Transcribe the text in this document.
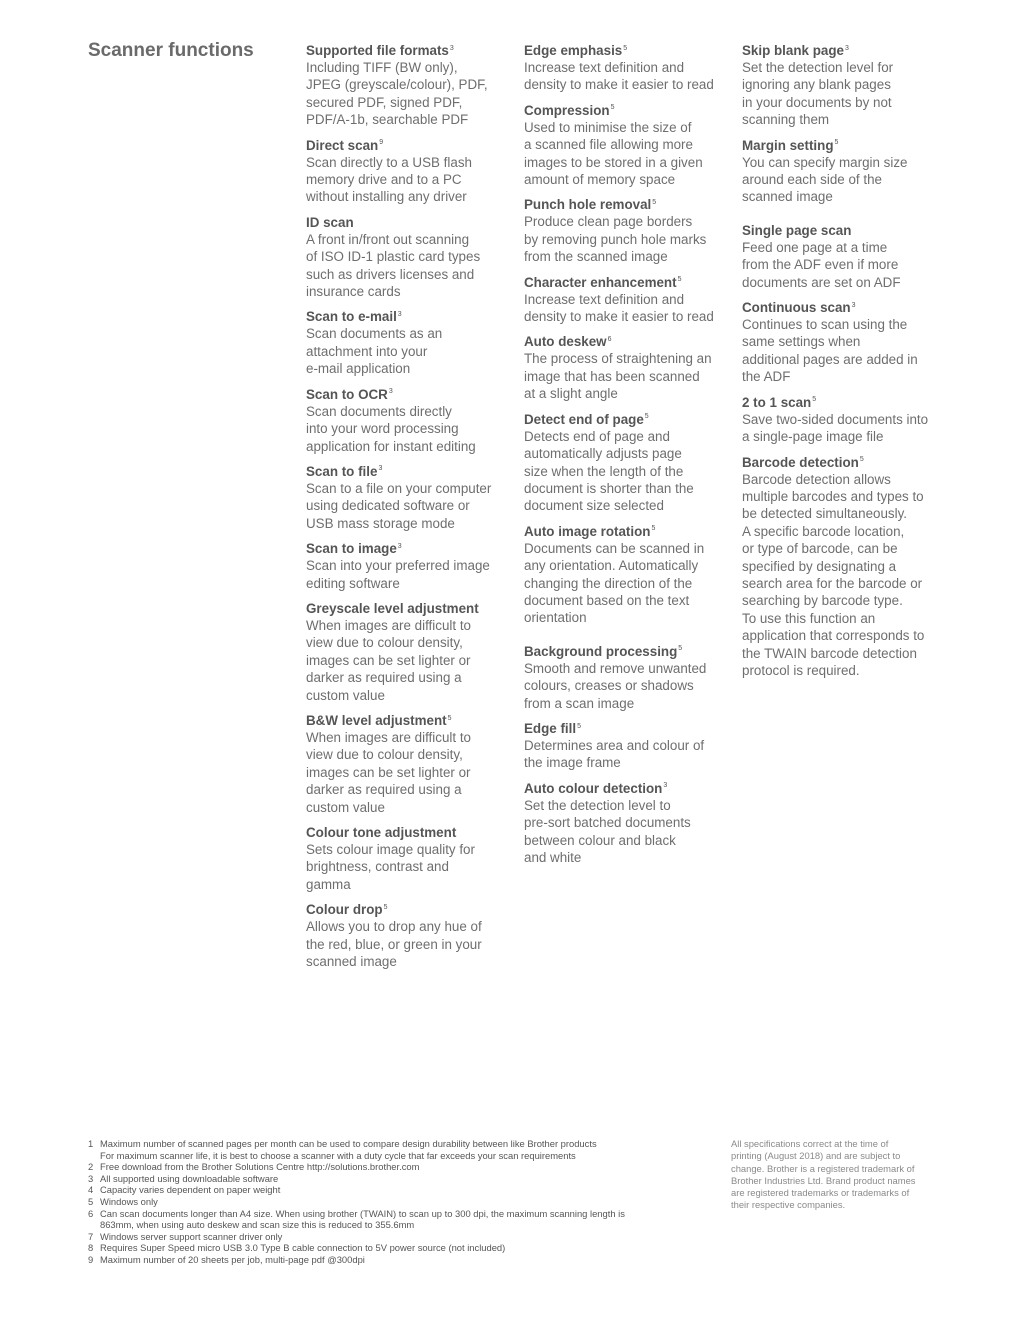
Scanner functions	Supported file formats$^3$

Including TIFF (BW only),
JPEG (greyscale/colour), PDF,
secured PDF, signed PDF,
PDF/A-1b, searchable PDF

Direct scan$^9$

Scan directly to a USB flash
memory drive and to a PC
without installing any driver

ID scan

A front in/front out scanning
of ISO ID-1 plastic card types
such as drivers licenses and
insurance cards

Scan to e-mail$^3$

Scan documents as an
attachment into your
e-mail application

Scan to OCR$^3$

Scan documents directly
into your word processing
application for instant editing

Scan to file$^3$

Scan to a file on your computer
using dedicated software or
USB mass storage mode

Scan to image$^3$

Scan into your preferred image
editing software

Greyscale level adjustment

When images are difficult to
view due to colour density,
images can be set lighter or
darker as required using a
custom value

B&W level adjustment$^5$

When images are difficult to
view due to colour density,
images can be set lighter or
darker as required using a
custom value

Colour tone adjustment

Sets colour image quality for
brightness, contrast and
gamma

Colour drop$^5$

Allows you to drop any hue of
the red, blue, or green in your
scanned image

Edge emphasis$^5$

Increase text definition and
density to make it easier to read

Compression$^5$

Used to minimise the size of
a scanned file allowing more
images to be stored in a given
amount of memory space

Punch hole removal$^5$

Produce clean page borders
by removing punch hole marks
from the scanned image

Character enhancement$^5$

Increase text definition and
density to make it easier to read

Auto deskew$^6$

The process of straightening an
image that has been scanned
at a slight angle

Detect end of page$^5$

Detects end of page and
automatically adjusts page
size when the length of the
document is shorter than the
document size selected

Auto image rotation$^5$

Documents can be scanned in
any orientation. Automatically
changing the direction of the
document based on the text
orientation

Background processing$^5$

Smooth and remove unwanted
colours, creases or shadows
from a scan image

Edge fill$^5$

Determines area and colour of
the image frame

Auto colour detection$^3$

Set the detection level to
pre-sort batched documents
between colour and black
and white

Skip blank page$^3$

Set the detection level for
ignoring any blank pages
in your documents by not
scanning them

Margin setting$^5$

You can specify margin size
around each side of the
scanned image

Single page scan

Feed one page at a time
from the ADF even if more
documents are set on ADF

Continuous scan$^3$

Continues to scan using the
same settings when
additional pages are added in
the ADF

2 to 1 scan$^5$

Save two-sided documents into
a single-page image file

Barcode detection$^5$

Barcode detection allows
multiple barcodes and types to
be detected simultaneously.
A specific barcode location,
or type of barcode, can be
specified by designating a
search area for the barcode or
searching by barcode type.
To use this function an
application that corresponds to
the TWAIN barcode detection
protocol is required.

1 Maximum number of scanned pages per month can be used to compare design durability between like Brother products
For maximum scanner life, it is best to choose a scanner with a duty cycle that far exceeds your scan requirements
2 Free download from the Brother Solutions Centre http://solutions.brother.com
3 All supported using downloadable software
4 Capacity varies dependent on paper weight
5 Windows only
6 Can scan documents longer than A4 size. When using brother (TWAIN) to scan up to 300 dpi, the maximum scanning length is
863mm, when using auto deskew and scan size this is reduced to 355.6mm
7 Windows server support scanner driver only
8 Requires Super Speed micro USB 3.0 Type B cable connection to 5V power source (not included)
9 Maximum number of 20 sheets per job, multi-page pdf @300dpi
All specifications correct at the time of
printing (August 2018) and are subject to
change. Brother is a registered trademark of
Brother Industries Ltd. Brand product names
are registered trademarks or trademarks of
their respective companies.
